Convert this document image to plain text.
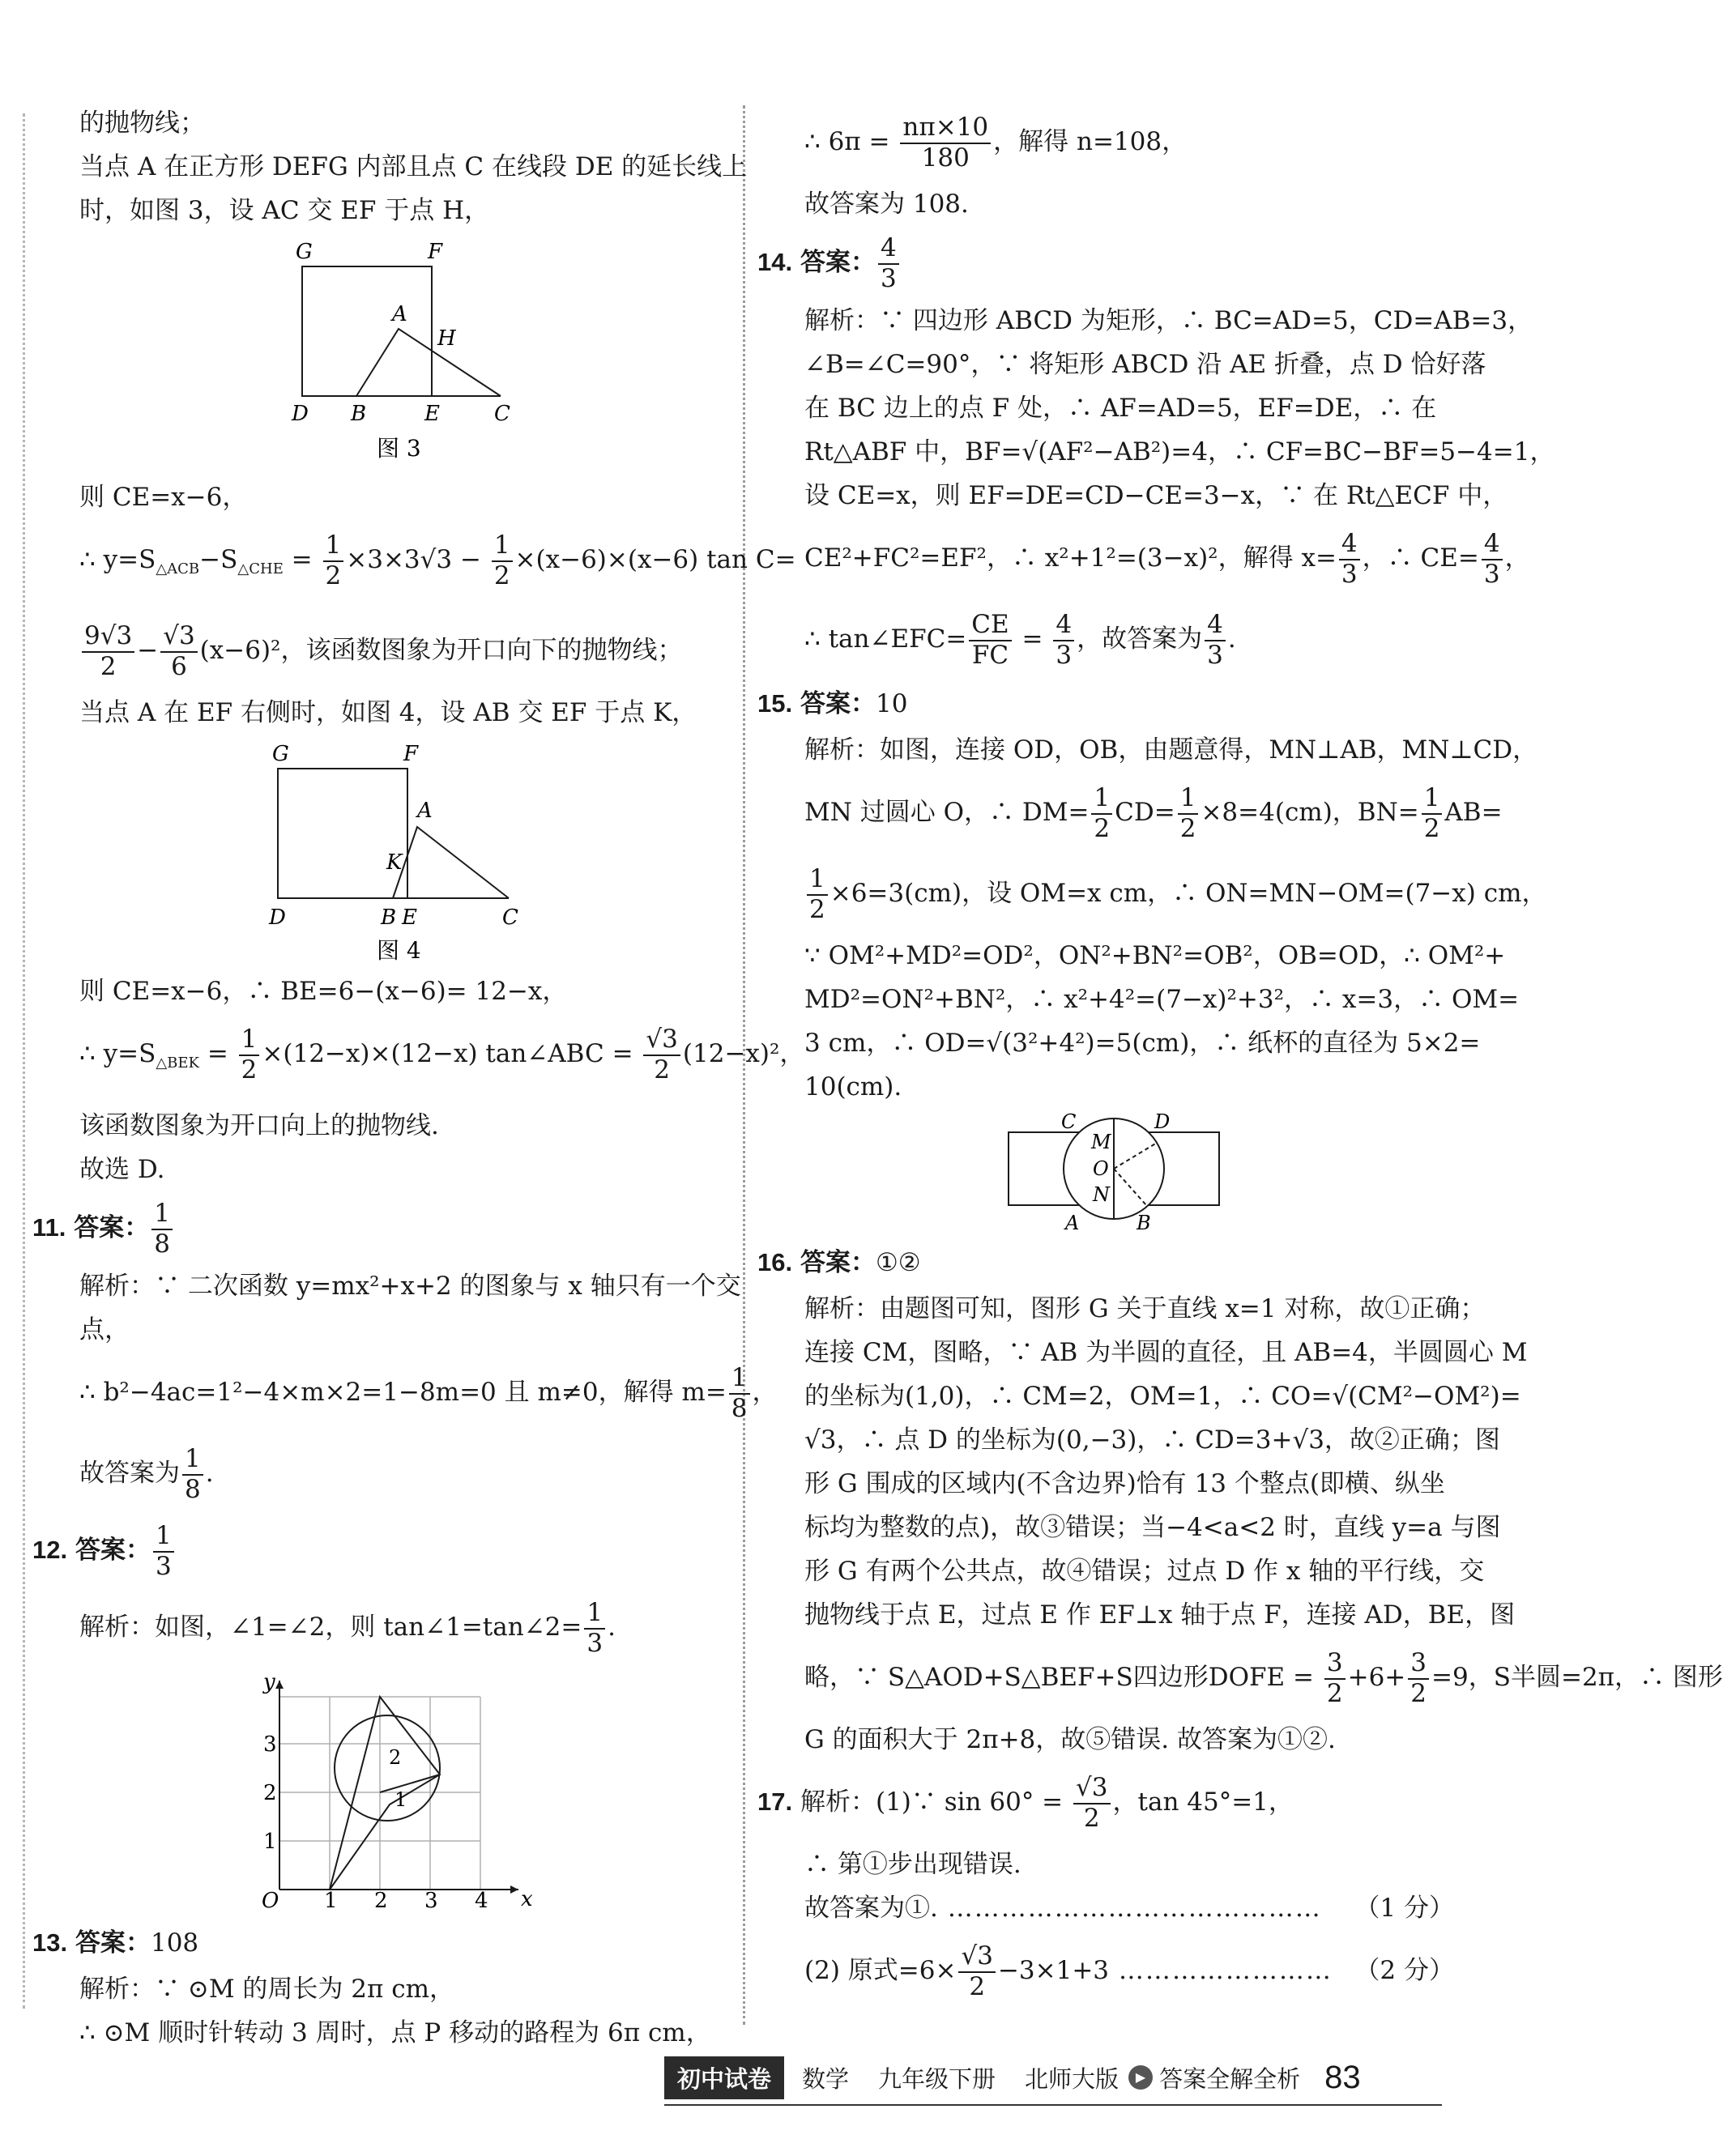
的抛物线；
当点 A 在正方形 DEFG 内部且点 C 在线段 DE 的延长线上
时，如图 3，设 AC 交 EF 于点 H，
G	F
A
H
D B	E	C
图 3
则 CE=x−6，
∴ $y=S_{\triangle ACB}-S_{\triangle CHE} = \frac{1}{2} \times 3\times 3√3 - \frac{1}{2} \times(x-6)\times(x-6)$ tan C=
$\frac{9√3}{2} - \frac{√3}{6} (x-6)^2$，该函数图象为开口向下的抛物线；
当点 A 在 EF 右侧时，如图 4，设 AB 交 EF 于点 K，
G	F
A
K
D	B E	C
图 4
则 CE=x−6，∴ BE=6−(x−6)= 12−x，
∴ $y=S_{\triangle BEK} = \frac{1}{2} \times(12-x)\times(12-x)$ tan∠ABC = $\frac{√3}{2} (12-x)^2$，
该函数图象为开口向上的抛物线.
故选 D.
11. 答案： $\frac{1}{8}$
解析：∵ 二次函数 y=mx²+x+2 的图象与 x 轴只有一个交
点，
∴ b²−4ac=1²−4×m×2=1−8m=0 且 m≠0，解得 $m= \frac{1}{8}$ ，
故答案为 $\frac{1}{8}$ .
12. 答案： $\frac{1}{3}$
解析：如图，∠1=∠2，则 tan∠1=tan∠2= $\frac{1}{3}$ .
y
x
O
3
2
1
1 2 3 4
2
1
13. 答案：108
解析：∵ ⊙M 的周长为 2π cm，
∴ ⊙M 顺时针转动 3 周时，点 P 移动的路程为 6π cm，
∴ $6\pi = \frac{n\pi\times 10}{180}$ ，解得 n=108，
故答案为 108.
14. 答案： $\frac{4}{3}$
解析：∵ 四边形 ABCD 为矩形，∴ BC=AD=5，CD=AB=3，
∠B=∠C=90°，∵ 将矩形 ABCD 沿 AE 折叠，点 D 恰好落
在 BC 边上的点 F 处，∴ AF=AD=5，EF=DE，∴ 在
Rt△ABF 中，BF=√(AF²−AB²)=4，∴ CF=BC−BF=5−4=1，
设 CE=x，则 EF=DE=CD−CE=3−x，∵ 在 Rt△ECF 中，
CE²+FC²=EF²，∴ x²+1²=(3−x)²，解得 $x= \frac{4}{3}$ ，∴ $CE= \frac{4}{3}$ ，
∴ tan∠EFC= $\frac{CE}{FC} = \frac{4}{3}$ ，故答案为 $\frac{4}{3}$ .
15. 答案：10
解析：如图，连接 OD，OB，由题意得，MN⊥AB，MN⊥CD，
MN 过圆心 O，∴ $DM= \frac{1}{2} CD= \frac{1}{2} \times 8=4(cm)$，$BN= \frac{1}{2} AB=$
$\frac{1}{2} \times 6=3(cm)$，设 OM=x cm，∴ ON=MN−OM=(7−x) cm，
∵ OM²+MD²=OD²，ON²+BN²=OB²，OB=OD，∴ OM²+
MD²=ON²+BN²，∴ x²+4²=(7−x)²+3²，∴ x=3，∴ OM=
3 cm，∴ OD=√(3²+4²)=5(cm)，∴ 纸杯的直径为 5×2=
10(cm).
C	D
M
O
N
A	B
16. 答案：①②
解析：由题图可知，图形 G 关于直线 x=1 对称，故①正确；
连接 CM，图略，∵ AB 为半圆的直径，且 AB=4，半圆圆心 M
的坐标为(1,0)，∴ CM=2，OM=1，∴ CO=√(CM²−OM²)=
√3，∴ 点 D 的坐标为(0,−3)，∴ CD=3+√3，故②正确；图
形 G 围成的区域内(不含边界)恰有 13 个整点(即横、纵坐
标均为整数的点)，故③错误；当−4<a<2 时，直线 y=a 与图
形 G 有两个公共点，故④错误；过点 D 作 x 轴的平行线，交
抛物线于点 E，过点 E 作 EF⊥x 轴于点 F，连接 AD，BE，图
略，∵ S△AOD+S△BEF+S四边形DOFE = $\frac{3}{2} +6+ \frac{3}{2} =9$，S半圆=2π，∴ 图形
G 的面积大于 2π+8，故⑤错误. 故答案为①②.
17. 解析：(1)∵ $\sin 60^\circ = \frac{√3}{2}$ ，tan 45°=1，
∴ 第①步出现错误.
故答案为①. …………………………………… （1 分）
(2) 原式$=6\times \frac{√3}{2} -3\times 1+3$ …………………… （2 分）
初中试卷	数学 九年级下册 北师大版	▶ 答案全解全析 83
